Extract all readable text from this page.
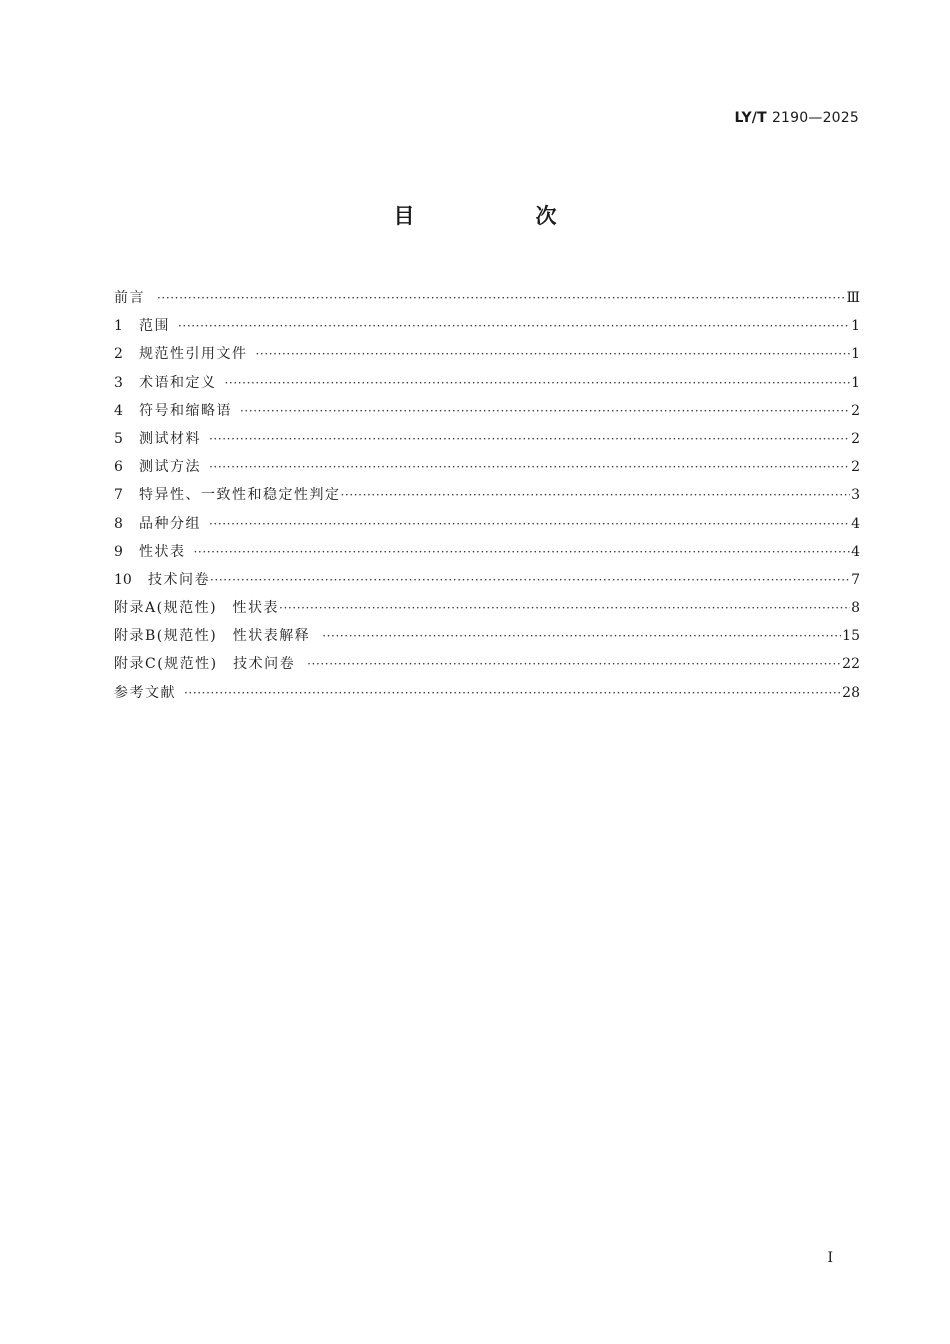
LY/T 2190—2025
目　次
前言 ·····	Ⅲ
1 范围 ·····	1
2 规范性引用文件 ·····	1
3 术语和定义 ·····	1
4 符号和缩略语 ·····	2
5 测试材料 ·····	2
6 测试方法 ·····	2
7 特异性、一致性和稳定性判定 ·····	3
8 品种分组 ·····	4
9 性状表 ·····	4
10 技术问卷 ·····	7
附录A(规范性)　性状表 ·····	8
附录B(规范性)　性状表解释 ·····	15
附录C(规范性)　技术问卷 ·····	22
参考文献 ·····	28
I
